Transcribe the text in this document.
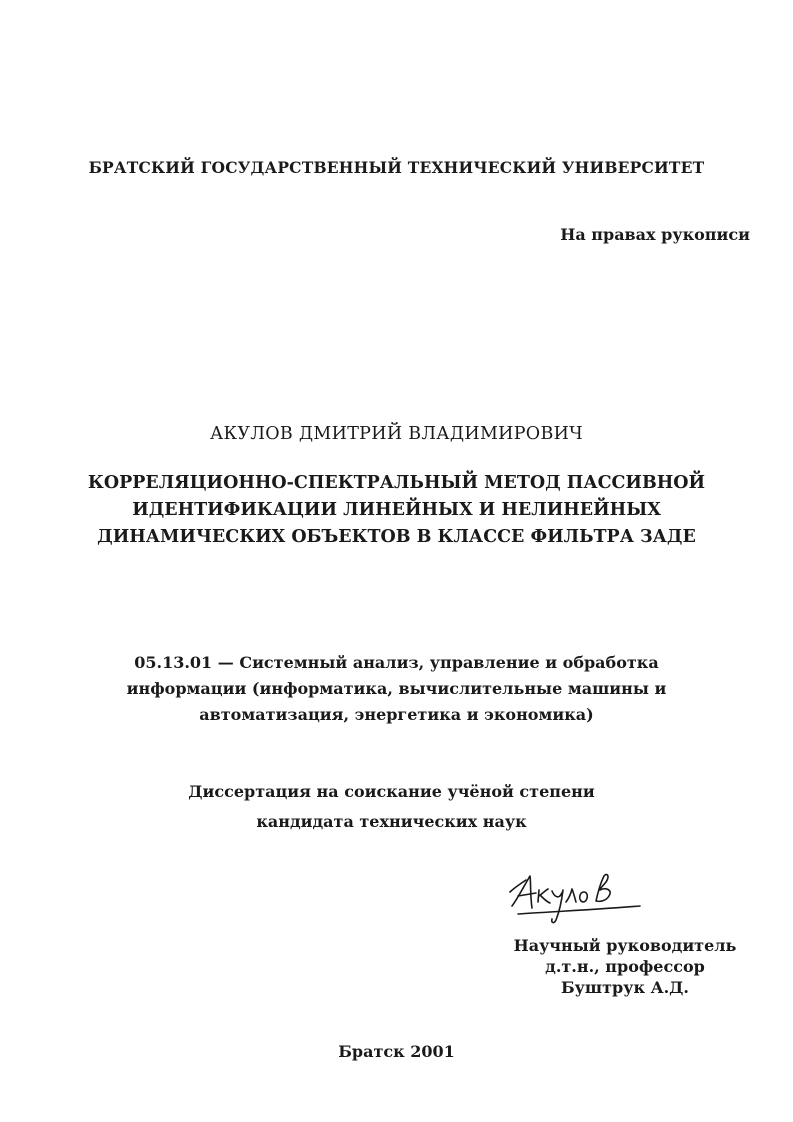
БРАТСКИЙ ГОСУДАРСТВЕННЫЙ ТЕХНИЧЕСКИЙ УНИВЕРСИТЕТ
На правах рукописи
АКУЛОВ ДМИТРИЙ ВЛАДИМИРОВИЧ
КОРРЕЛЯЦИОННО-СПЕКТРАЛЬНЫЙ МЕТОД ПАССИВНОЙ
ИДЕНТИФИКАЦИИ ЛИНЕЙНЫХ И НЕЛИНЕЙНЫХ
ДИНАМИЧЕСКИХ ОБЪЕКТОВ В КЛАССЕ ФИЛЬТРА ЗАДЕ
05.13.01 — Системный анализ, управление и обработка
информации (информатика, вычислительные машины и
автоматизация, энергетика и экономика)
Диссертация на соискание учёной степени
кандидата технических наук
Научный руководитель
д.т.н., профессор
Буштрук А.Д.
Братск 2001
